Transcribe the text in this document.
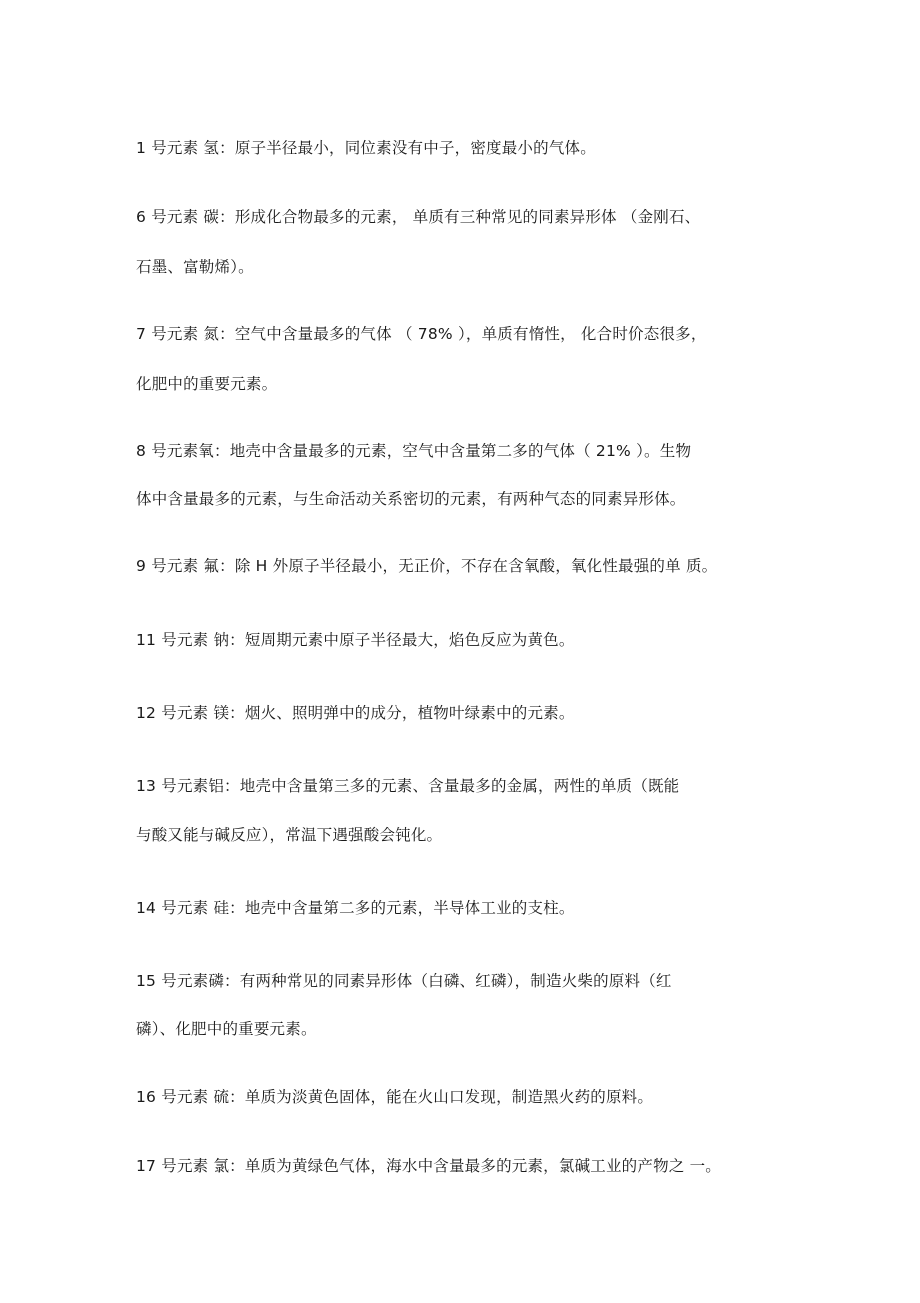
1 号元素 氢：原子半径最小，同位素没有中子，密度最小的气体。
6 号元素 碳：形成化合物最多的元素， 单质有三种常见的同素异形体 （金刚石、
石墨、富勒烯）。
7 号元素 氮：空气中含量最多的气体 （ 78% ），单质有惰性， 化合时价态很多，
化肥中的重要元素。
8 号元素氧：地壳中含量最多的元素，空气中含量第二多的气体（ 21% ）。生物
体中含量最多的元素，与生命活动关系密切的元素，有两种气态的同素异形体。
9 号元素 氟：除 H 外原子半径最小，无正价，不存在含氧酸，氧化性最强的单 质。
11 号元素 钠：短周期元素中原子半径最大，焰色反应为黄色。
12 号元素 镁：烟火、照明弹中的成分，植物叶绿素中的元素。
13 号元素铝：地壳中含量第三多的元素、含量最多的金属，两性的单质（既能
与酸又能与碱反应），常温下遇强酸会钝化。
14 号元素 硅：地壳中含量第二多的元素，半导体工业的支柱。
15 号元素磷：有两种常见的同素异形体（白磷、红磷），制造火柴的原料（红
磷）、化肥中的重要元素。
16 号元素 硫：单质为淡黄色固体，能在火山口发现，制造黑火药的原料。
17 号元素 氯：单质为黄绿色气体，海水中含量最多的元素，氯碱工业的产物之 一。
